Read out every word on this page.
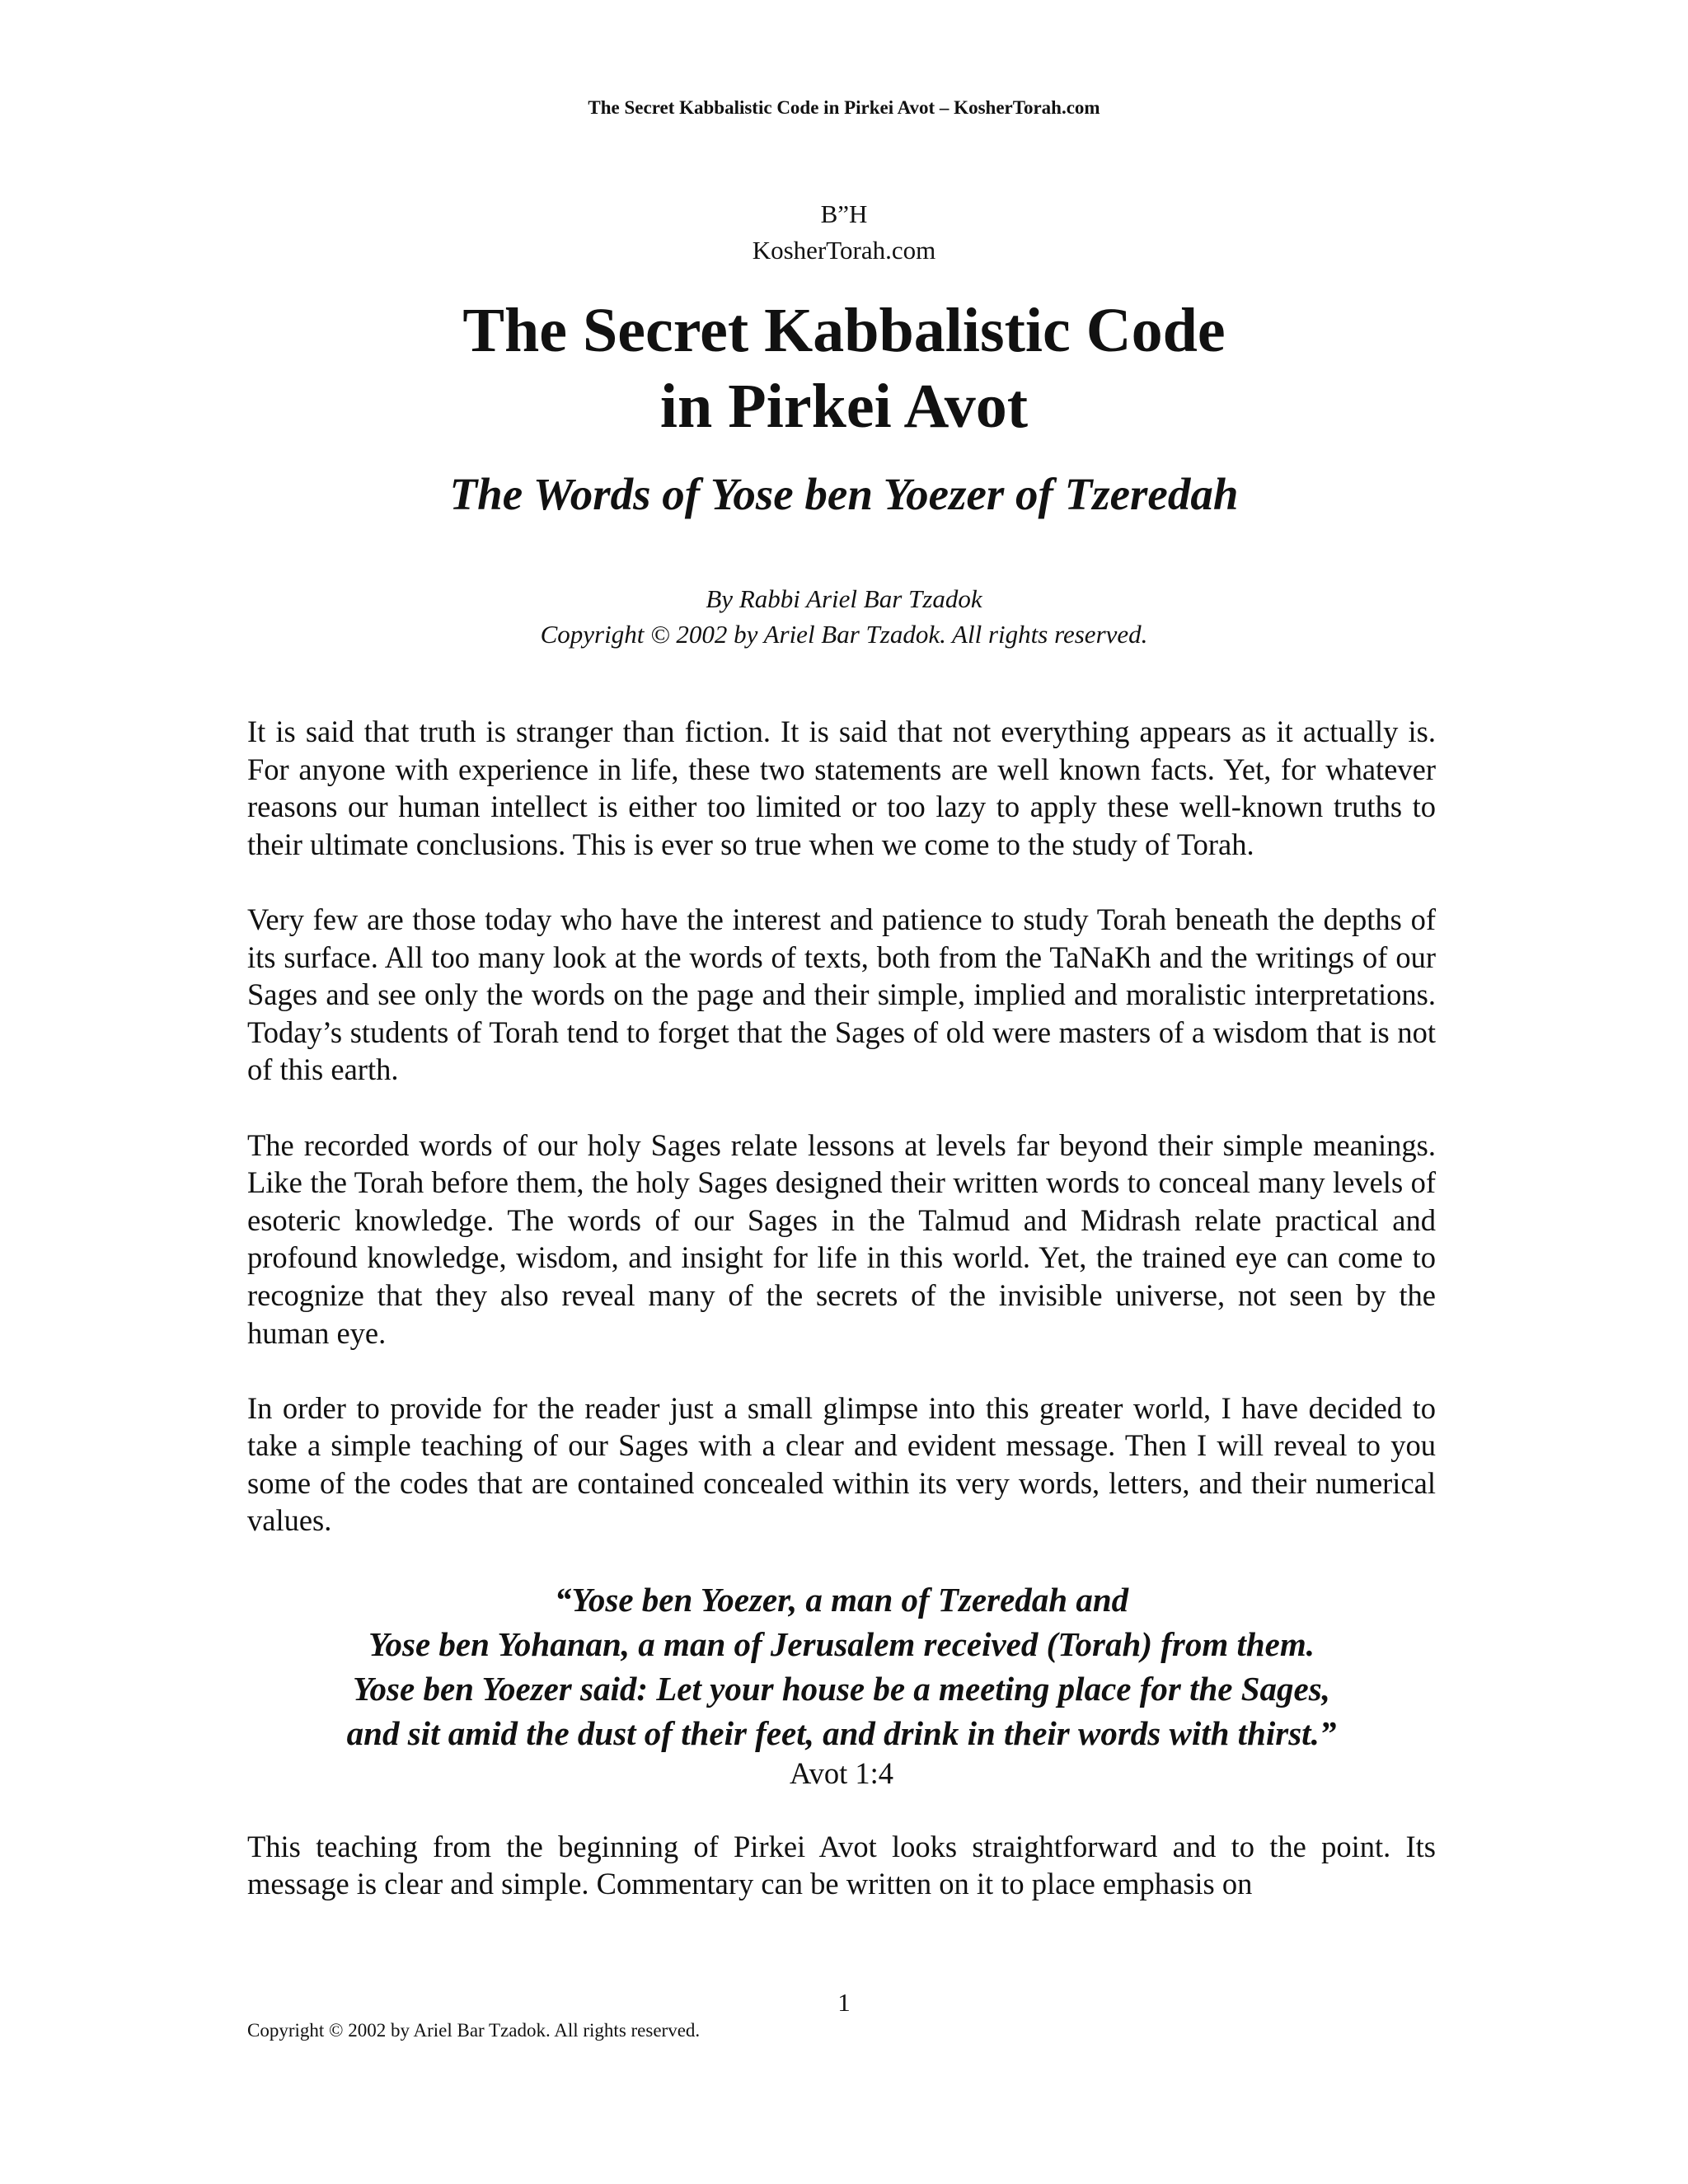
The Secret Kabbalistic Code in Pirkei Avot – KosherTorah.com
B”H
KosherTorah.com
The Secret Kabbalistic Code
in Pirkei Avot
The Words of Yose ben Yoezer of Tzeredah
By Rabbi Ariel Bar Tzadok
Copyright © 2002 by Ariel Bar Tzadok. All rights reserved.

It is said that truth is stranger than fiction. It is said that not everything appears as it actually is. For anyone with experience in life, these two statements are well known facts. Yet, for whatever reasons our human intellect is either too limited or too lazy to apply these well-known truths to their ultimate conclusions. This is ever so true when we come to the study of Torah.

Very few are those today who have the interest and patience to study Torah beneath the depths of its surface. All too many look at the words of texts, both from the TaNaKh and the writings of our Sages and see only the words on the page and their simple, implied and moralistic interpretations. Today’s students of Torah tend to forget that the Sages of old were masters of a wisdom that is not of this earth.

The recorded words of our holy Sages relate lessons at levels far beyond their simple meanings. Like the Torah before them, the holy Sages designed their written words to conceal many levels of esoteric knowledge. The words of our Sages in the Talmud and Midrash relate practical and profound knowledge, wisdom, and insight for life in this world. Yet, the trained eye can come to recognize that they also reveal many of the secrets of the invisible universe, not seen by the human eye.

In order to provide for the reader just a small glimpse into this greater world, I have decided to take a simple teaching of our Sages with a clear and evident message. Then I will reveal to you some of the codes that are contained concealed within its very words, letters, and their numerical values.

“Yose ben Yoezer, a man of Tzeredah and
Yose ben Yohanan, a man of Jerusalem received (Torah) from them.
Yose ben Yoezer said: Let your house be a meeting place for the Sages,
and sit amid the dust of their feet, and drink in their words with thirst.”
Avot 1:4

This teaching from the beginning of Pirkei Avot looks straightforward and to the point. Its message is clear and simple. Commentary can be written on it to place emphasis on

1
Copyright © 2002 by Ariel Bar Tzadok. All rights reserved.
